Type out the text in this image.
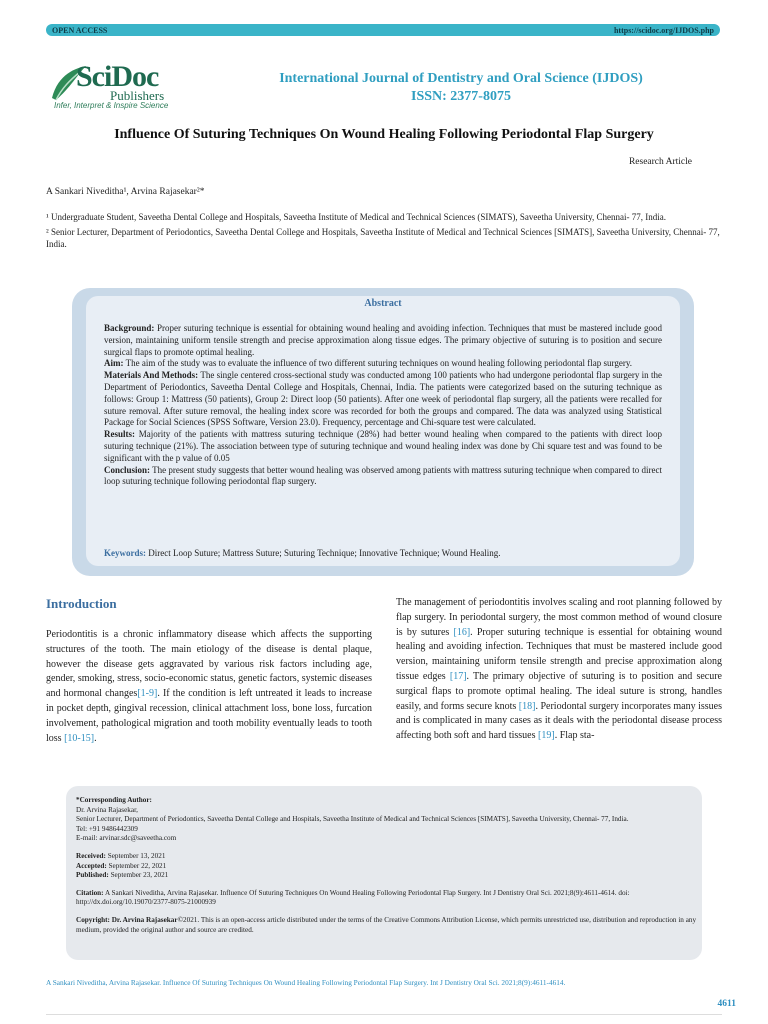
OPEN ACCESS	https://scidoc.org/IJDOS.php
SciDoc
Publishers
Infer, Interpret & Inspire Science
International Journal of Dentistry and Oral Science (IJDOS)
ISSN: 2377-8075
Influence Of Suturing Techniques On Wound Healing Following Periodontal Flap Surgery
Research Article
A Sankari Niveditha¹, Arvina Rajasekar²*

¹ Undergraduate Student, Saveetha Dental College and Hospitals, Saveetha Institute of Medical and Technical Sciences (SIMATS), Saveetha University, Chennai- 77, India.

² Senior Lecturer, Department of Periodontics, Saveetha Dental College and Hospitals, Saveetha Institute of Medical and Technical Sciences [SIMATS], Saveetha University, Chennai- 77, India.

Abstract

Background: Proper suturing technique is essential for obtaining wound healing and avoiding infection. Techniques that must be mastered include good version, maintaining uniform tensile strength and precise approximation along tissue edges. The primary objective of suturing is to position and secure surgical flaps to promote optimal healing.

Aim: The aim of the study was to evaluate the influence of two different suturing techniques on wound healing following periodontal flap surgery.

Materials And Methods: The single centered cross-sectional study was conducted among 100 patients who had undergone periodontal flap surgery in the Department of Periodontics, Saveetha Dental College and Hospitals, Chennai, India. The patients were categorized based on the suturing technique as follows: Group 1: Mattress (50 patients), Group 2: Direct loop (50 patients). After one week of periodontal flap surgery, all the patients were recalled for suture removal. After suture removal, the healing index score was recorded for both the groups and compared. The data was analyzed using Statistical Package for Social Sciences (SPSS Software, Version 23.0). Frequency, percentage and Chi-square test were calculated.

Results: Majority of the patients with mattress suturing technique (28%) had better wound healing when compared to the patients with direct loop suturing technique (21%). The association between type of suturing technique and wound healing index was done by Chi square test and was found to be significant with the p value of 0.05

Conclusion: The present study suggests that better wound healing was observed among patients with mattress suturing technique when compared to direct loop suturing technique following periodontal flap surgery.

Keywords: Direct Loop Suture; Mattress Suture; Suturing Technique; Innovative Technique; Wound Healing.
Introduction
Periodontitis is a chronic inflammatory disease which affects the supporting structures of the tooth. The main etiology of the disease is dental plaque, however the disease gets aggravated by various risk factors including age, gender, smoking, stress, socio-economic status, genetic factors, systemic diseases and hormonal changes[1-9]. If the condition is left untreated it leads to increase in pocket depth, gingival recession, clinical attachment loss, bone loss, furcation involvement, pathological migration and tooth mobility eventually leads to tooth loss [10-15].
The management of periodontitis involves scaling and root planning followed by flap surgery. In periodontal surgery, the most common method of wound closure is by sutures [16]. Proper suturing technique is essential for obtaining wound healing and avoiding infection. Techniques that must be mastered include good version, maintaining uniform tensile strength and precise approximation along tissue edges [17]. The primary objective of suturing is to position and secure surgical flaps to promote optimal healing. The ideal suture is strong, handles easily, and forms secure knots [18]. Periodontal surgery incorporates many issues and is complicated in many cases as it deals with the periodontal disease process affecting both soft and hard tissues [19]. Flap sta-

*Corresponding Author:

Dr. Arvina Rajasekar,

Senior Lecturer, Department of Periodontics, Saveetha Dental College and Hospitals, Saveetha Institute of Medical and Technical Sciences [SIMATS], Saveetha University, Chennai- 77, India.

Tel: +91 9486442309

E-mail: arvinar.sdc@saveetha.com

Received: September 13, 2021

Accepted: September 22, 2021

Published: September 23, 2021

Citation: A Sankari Niveditha, Arvina Rajasekar. Influence Of Suturing Techniques On Wound Healing Following Periodontal Flap Surgery. Int J Dentistry Oral Sci. 2021;8(9):4611-4614. doi: http://dx.doi.org/10.19070/2377-8075-21000939

Copyright: Dr. Arvina Rajasekar©2021. This is an open-access article distributed under the terms of the Creative Commons Attribution License, which permits unrestricted use, distribution and reproduction in any medium, provided the original author and source are credited.

A Sankari Niveditha, Arvina Rajasekar. Influence Of Suturing Techniques On Wound Healing Following Periodontal Flap Surgery. Int J Dentistry Oral Sci. 2021;8(9):4611-4614.
4611
